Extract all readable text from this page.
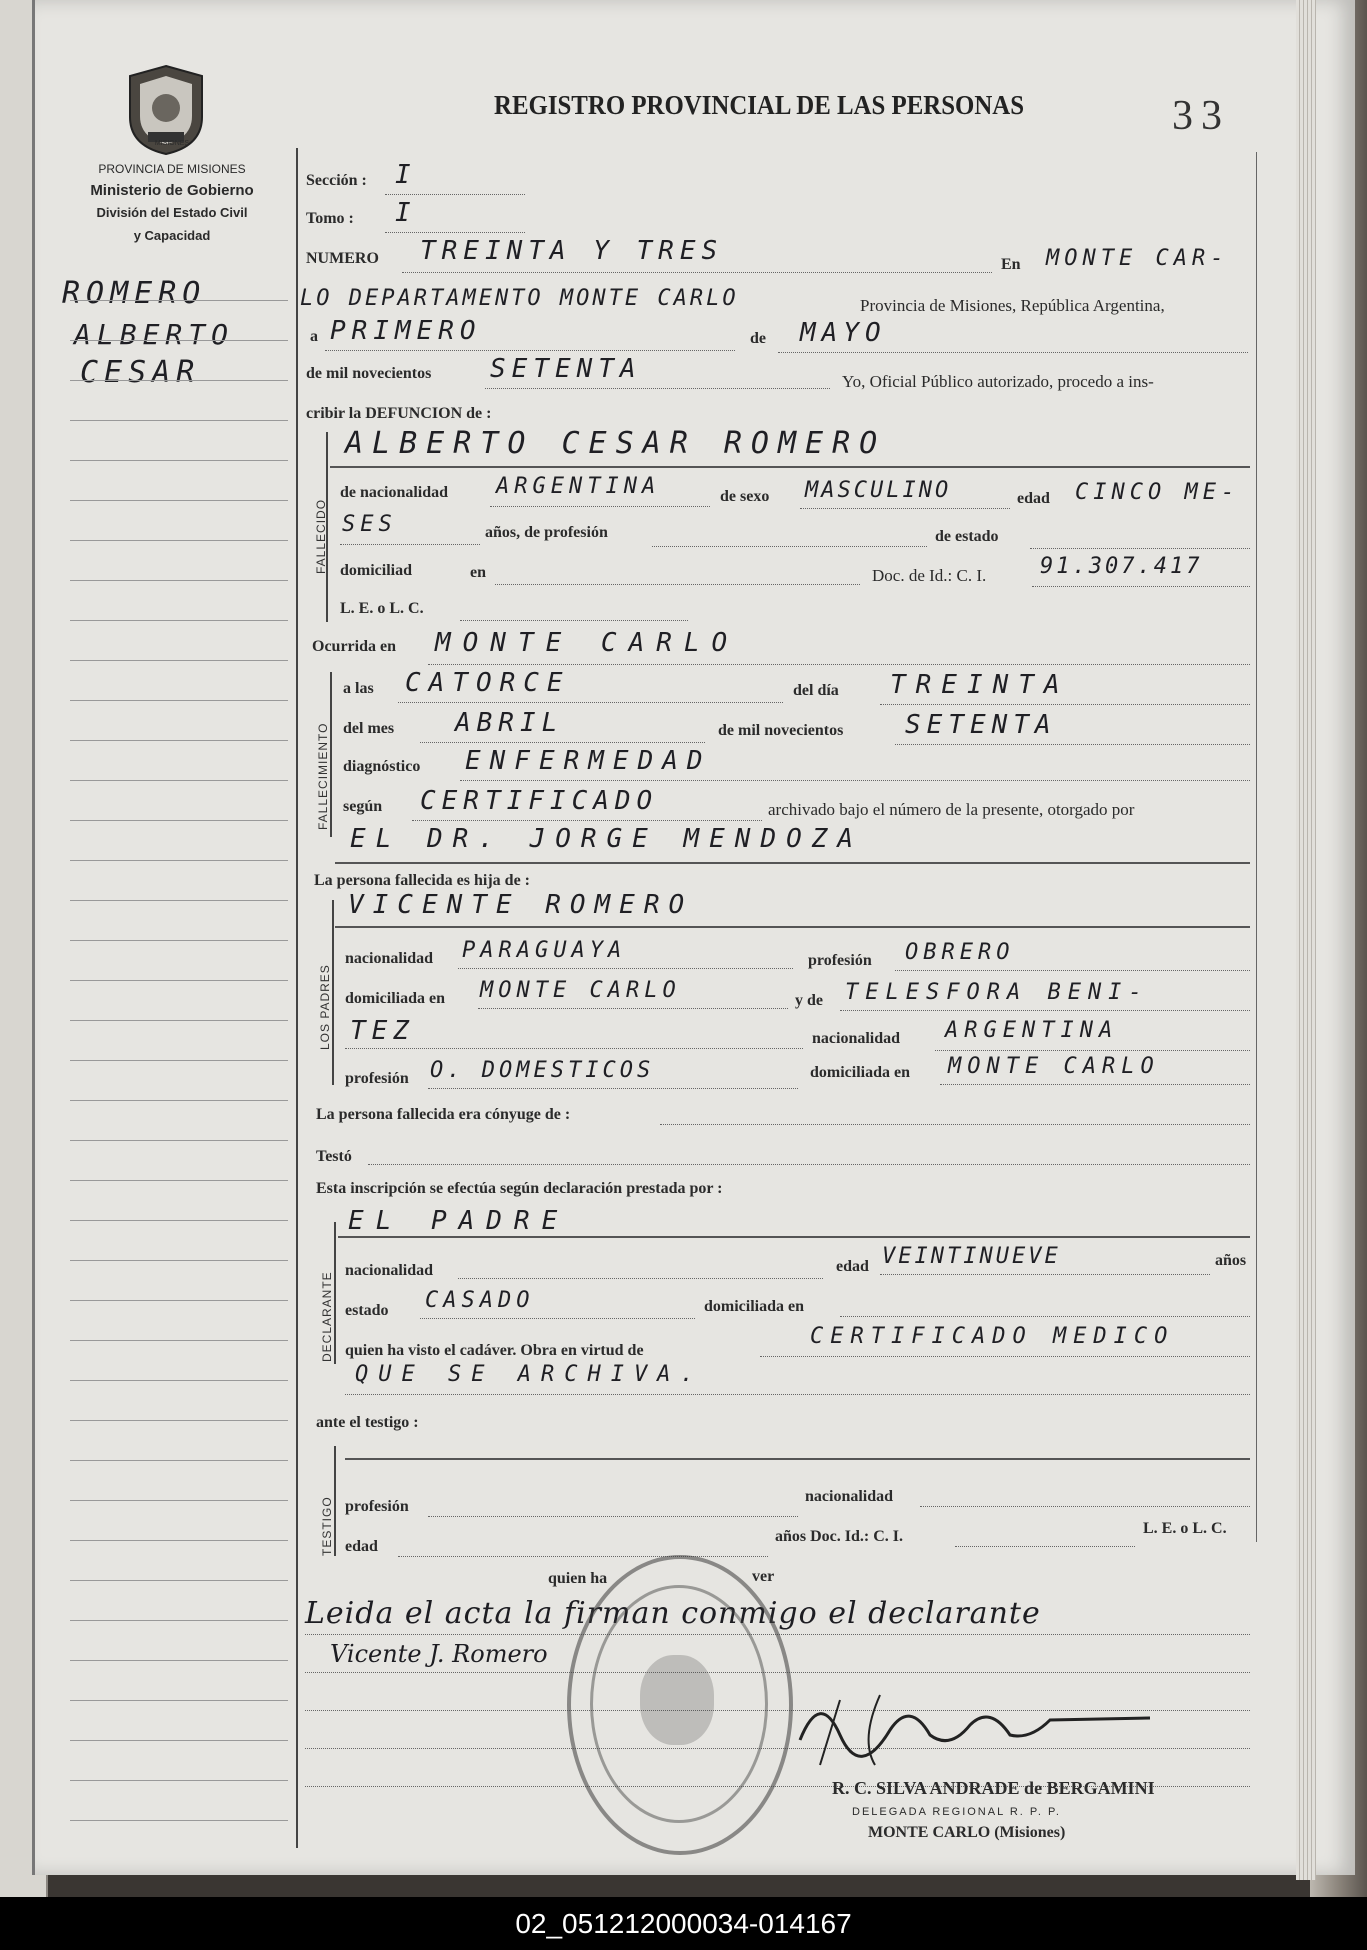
MISIONES
PROVINCIA DE MISIONES
Ministerio de Gobierno
División del Estado Civil
y Capacidad
REGISTRO PROVINCIAL DE LAS PERSONAS	33
ROMERO
ALBERTO
CESAR
Sección : I
Tomo : I
NUMERO TREINTA Y TRES	En MONTE CAR-
LO DEPARTAMENTO MONTE CARLO	Provincia de Misiones, República Argentina,
a PRIMERO	de MAYO
de mil novecientos SETENTA	Yo, Oficial Público autorizado, procedo a ins-
cribir la DEFUNCION de :
FALLECIDO
ALBERTO CESAR ROMERO
de nacionalidad ARGENTINA	de sexo MASCULINO	edad CINCO ME-
SES	años, de profesión	de estado
domiciliad	en	Doc. de Id.: C. I. 91.307.417
L. E. o L. C.
Ocurrida en MONTE CARLO
FALLECIMIENTO
a las CATORCE	del día TREINTA
del mes ABRIL	de mil novecientos SETENTA
diagnóstico ENFERMEDAD
según CERTIFICADO	archivado bajo el número de la presente, otorgado por
EL DR. JORGE MENDOZA
La persona fallecida es hija de :
LOS PADRES
VICENTE ROMERO
nacionalidad PARAGUAYA	profesión OBRERO
domiciliada en MONTE CARLO	y de TELESFORA BENI-
TEZ	nacionalidad ARGENTINA
profesión O. DOMESTICOS	domiciliada en MONTE CARLO
La persona fallecida era cónyuge de :
Testó
Esta inscripción se efectúa según declaración prestada por :
DECLARANTE
EL PADRE
nacionalidad	edad VEINTINUEVE	años
estado CASADO	domiciliada en
quien ha visto el cadáver. Obra en virtud de
CERTIFICADO MEDICO
QUE SE ARCHIVA.
ante el testigo :
TESTIGO	nacionalidad
profesión
edad
años Doc. Id.: C. I.	L. E. o L. C.
quien ha	ver
Leida el acta la firman conmigo el declarante
Vicente J. Romero
R. C. SILVA ANDRADE de BERGAMINI
DELEGADA REGIONAL R. P. P.
MONTE CARLO (Misiones)
02_051212000034-014167
